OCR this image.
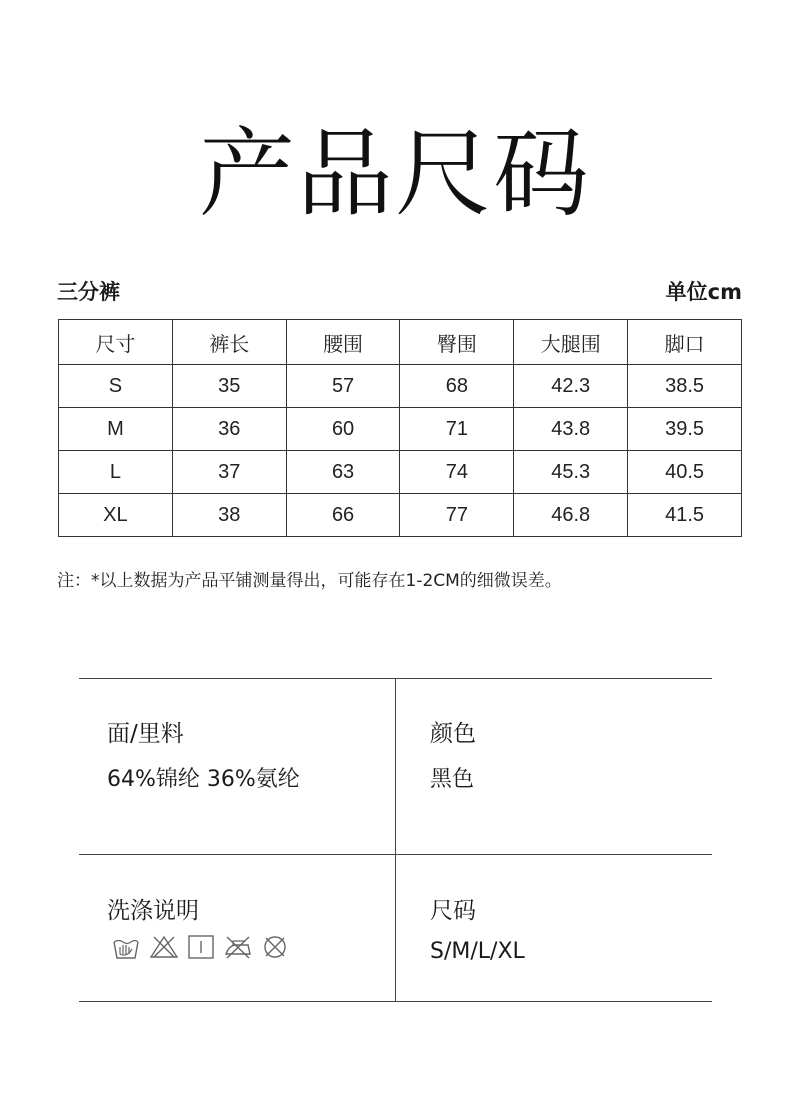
产品尺码
三分裤	单位cm
尺寸	裤长	腰围	臀围	大腿围	脚口
S	35	57	68	42.3	38.5
M	36	60	71	43.8	39.5
L	37	63	74	45.3	40.5
XL	38	66	77	46.8	41.5

注：*以上数据为产品平铺测量得出，可能存在1-2CM的细微误差。

面/里料
64%锦纶 36%氨纶
颜色
黑色
洗涤说明	尺码
S/M/L/XL
